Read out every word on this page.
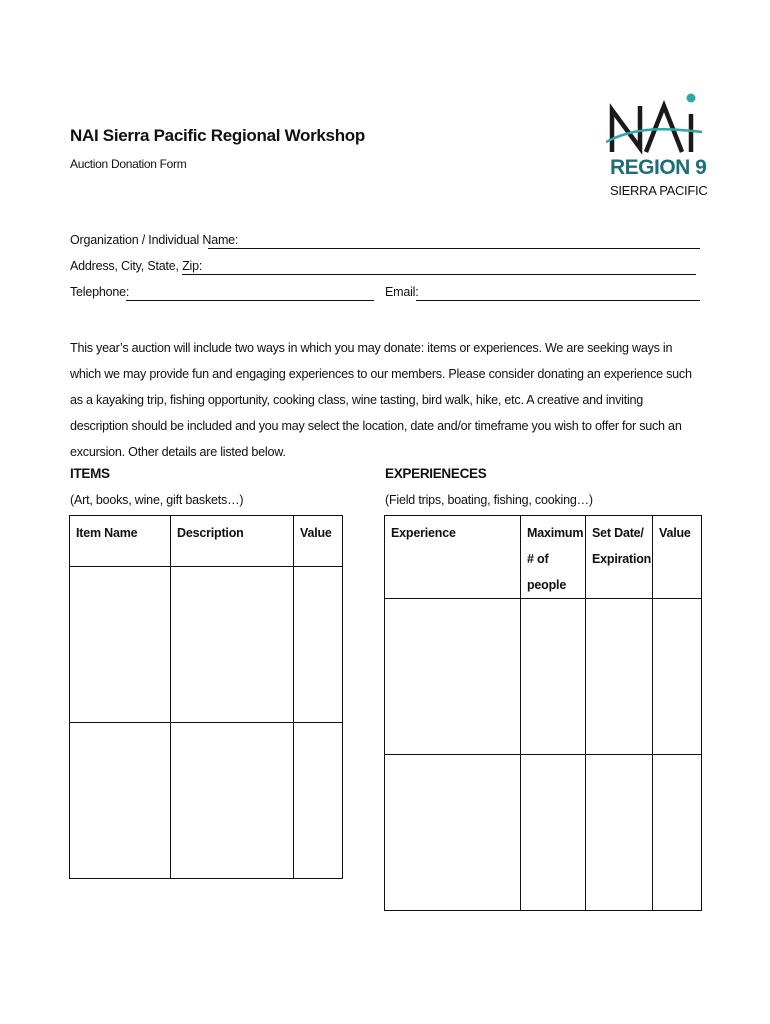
NAI Sierra Pacific Regional Workshop
Auction Donation Form	REGION 9
SIERRA PACIFIC
Organization / Individual Name:
Address, City, State, Zip:
Telephone:	Email:
This year’s auction will include two ways in which you may donate: items or experiences. We are seeking ways in which we may provide fun and engaging experiences to our members. Please consider donating an experience such as a kayaking trip, fishing opportunity, cooking class, wine tasting, bird walk, hike, etc. A creative and inviting description should be included and you may select the location, date and/or timeframe you wish to offer for such an excursion. Other details are listed below.
ITEMS
(Art, books, wine, gift baskets…)
Item Name	Description	Value

EXPERIENECES
(Field trips, boating, fishing, cooking…)
Experience	Maximum # of people	Set Date/ Expiration	Value
